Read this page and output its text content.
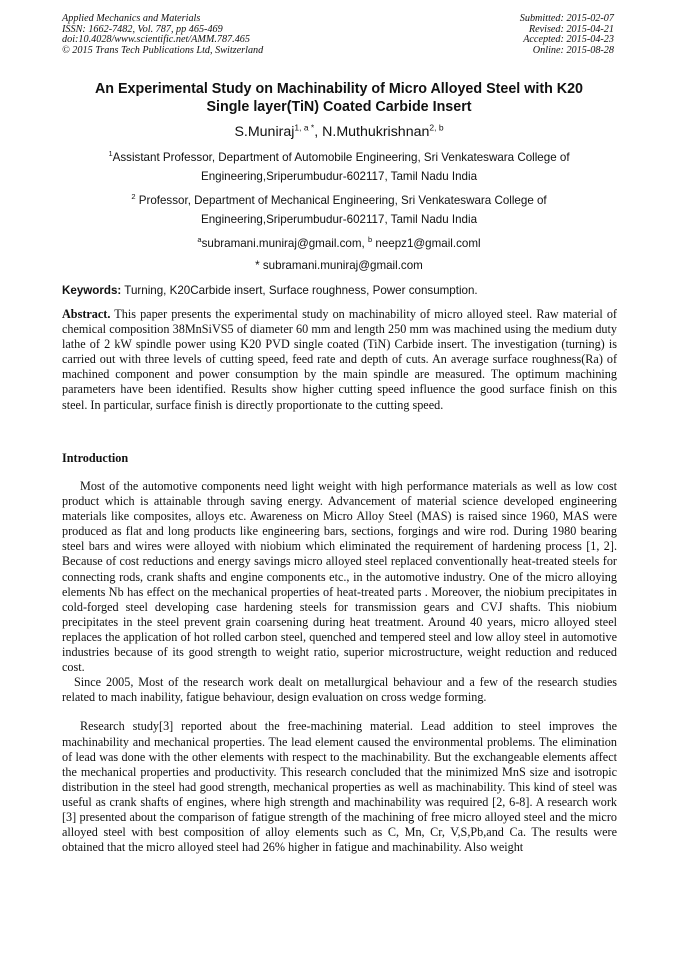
Applied Mechanics and Materials
ISSN: 1662-7482, Vol. 787, pp 465-469
doi:10.4028/www.scientific.net/AMM.787.465
© 2015 Trans Tech Publications Ltd, Switzerland
Submitted: 2015-02-07
Revised: 2015-04-21
Accepted: 2015-04-23
Online: 2015-08-28
An Experimental Study on Machinability of Micro Alloyed Steel with K20
Single layer(TiN) Coated Carbide Insert
S.Muniraj$^{1, a *}$, N.Muthukrishnan$^{2, b}$
$^1$Assistant Professor, Department of Automobile Engineering, Sri Venkateswara College of
Engineering,Sriperumbudur-602117, Tamil Nadu India
$^2$ Professor, Department of Mechanical Engineering, Sri Venkateswara College of
Engineering,Sriperumbudur-602117, Tamil Nadu India
$^a$subramani.muniraj@gmail.com, $^b$ neepz1@gmail.coml
* subramani.muniraj@gmail.com
Keywords: Turning, K20Carbide insert, Surface roughness, Power consumption.
Abstract. This paper presents the experimental study on machinability of micro alloyed steel. Raw material of chemical composition 38MnSiVS5 of diameter 60 mm and length 250 mm was machined using the medium duty lathe of 2 kW spindle power using K20 PVD single coated (TiN) Carbide insert. The investigation (turning) is carried out with three levels of cutting speed, feed rate and depth of cuts. An average surface roughness(Ra) of machined component and power consumption by the main spindle are measured. The optimum machining parameters have been identified. Results show higher cutting speed influence the good surface finish on this steel. In particular, surface finish is directly proportionate to the cutting speed.
Introduction

Most of the automotive components need light weight with high performance materials as well as low cost product which is attainable through saving energy. Advancement of material science developed engineering materials like composites, alloys etc. Awareness on Micro Alloy Steel (MAS) is raised since 1960, MAS were produced as flat and long products like engineering bars, sections, forgings and wire rod. During 1980 bearing steel bars and wires were alloyed with niobium which eliminated the requirement of hardening process [1, 2]. Because of cost reductions and energy savings micro alloyed steel replaced conventionally heat-treated steels for connecting rods, crank shafts and engine components etc., in the automotive industry. One of the micro alloying elements Nb has effect on the mechanical properties of heat-treated parts . Moreover, the niobium precipitates in cold-forged steel developing case hardening steels for transmission gears and CVJ shafts. This niobium precipitates in the steel prevent grain coarsening during heat treatment. Around 40 years, micro alloyed steel replaces the application of hot rolled carbon steel, quenched and tempered steel and low alloy steel in automotive industries because of its good strength to weight ratio, superior microstructure, weight reduction and reduced cost.

Since 2005, Most of the research work dealt on metallurgical behaviour and a few of the research studies related to mach inability, fatigue behaviour, design evaluation on cross wedge forming.

Research study[3] reported about the free-machining material. Lead addition to steel improves the machinability and mechanical properties. The lead element caused the environmental problems. The elimination of lead was done with the other elements with respect to the machinability. But the exchangeable elements affect the mechanical properties and productivity. This research concluded that the minimized MnS size and isotropic distribution in the steel had good strength, mechanical properties as well as machinability. This kind of steel was useful as crank shafts of engines, where high strength and machinability was required [2, 6-8]. A research work [3] presented about the comparison of fatigue strength of the machining of free micro alloyed steel and the micro alloyed steel with best composition of alloy elements such as C, Mn, Cr, V,S,Pb,and Ca. The results were obtained that the micro alloyed steel had 26% higher in fatigue and machinability. Also weight
